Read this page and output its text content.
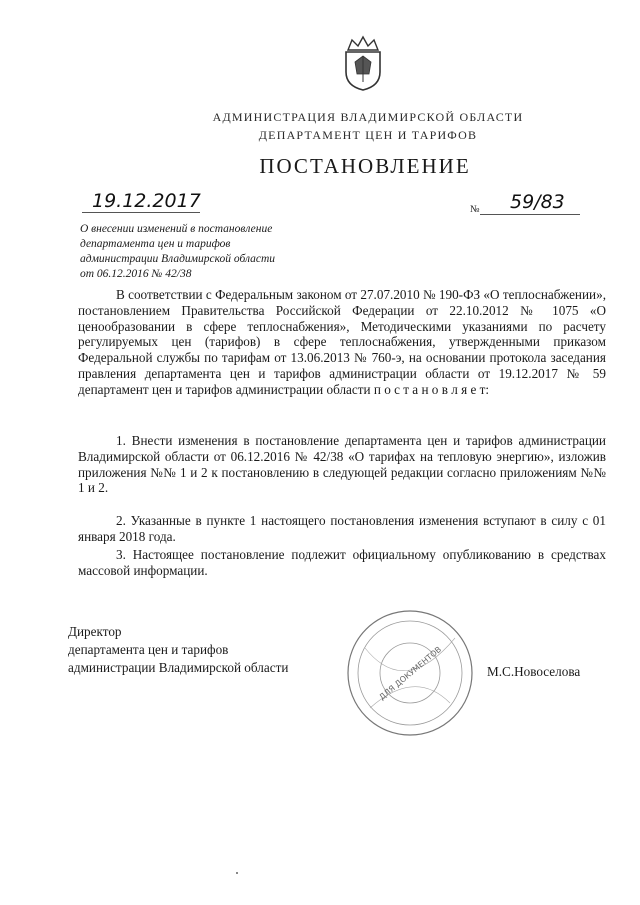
АДМИНИСТРАЦИЯ ВЛАДИМИРСКОЙ ОБЛАСТИ
ДЕПАРТАМЕНТ ЦЕН И ТАРИФОВ
ПОСТАНОВЛЕНИЕ
19.12.2017	№ 59/83
О внесении изменений в постановление
департамента цен и тарифов
администрации Владимирской области
от 06.12.2016 № 42/38
В соответствии с Федеральным законом от 27.07.2010 № 190-ФЗ «О теплоснабжении», постановлением Правительства Российской Федерации от 22.10.2012 № 1075 «О ценообразовании в сфере теплоснабжения», Методическими указаниями по расчету регулируемых цен (тарифов) в сфере теплоснабжения, утвержденными приказом Федеральной службы по тарифам от 13.06.2013 № 760-э, на основании протокола заседания правления департамента цен и тарифов администрации области от 19.12.2017 № 59 департамент цен и тарифов администрации области п о с т а н о в л я е т:
1. Внести изменения в постановление департамента цен и тарифов администрации Владимирской области от 06.12.2016 № 42/38 «О тарифах на тепловую энергию», изложив приложения №№ 1 и 2 к постановлению в следующей редакции согласно приложениям №№ 1 и 2.
2. Указанные в пункте 1 настоящего постановления изменения вступают в силу с 01 января 2018 года.
3. Настоящее постановление подлежит официальному опубликованию в средствах массовой информации.
Директор
департамента цен и тарифов
администрации Владимирской области	ДЛЯ ДОКУМЕНТОВ	М.С.Новоселова
